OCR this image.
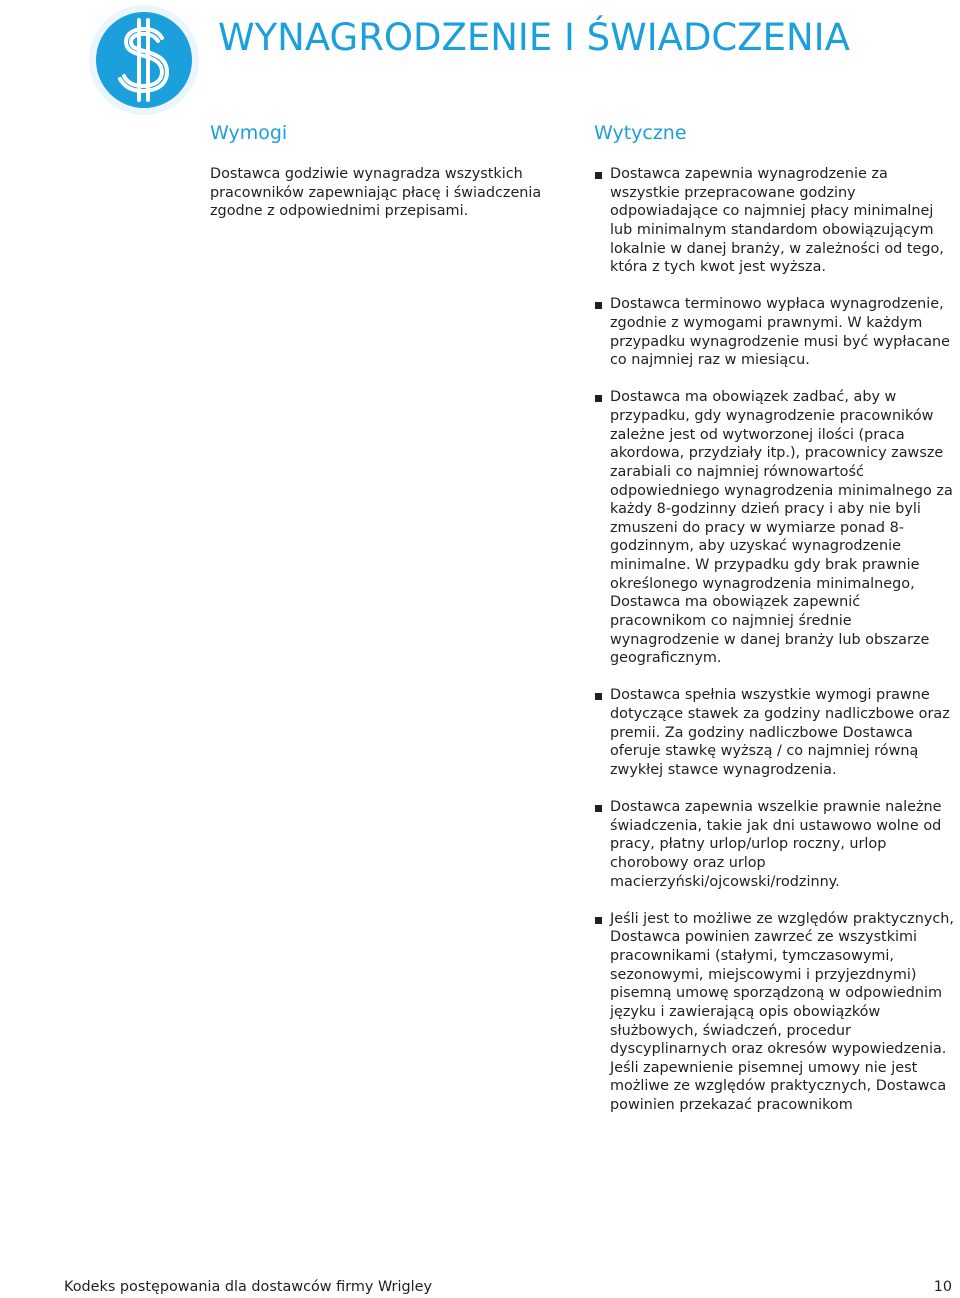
WYNAGRODZENIE I ŚWIADCZENIA
Wymogi

Dostawca godziwie wynagradza wszystkich pracowników zapewniając płacę i świadczenia zgodne z odpowiednimi przepisami.

Wytyczne
Dostawca zapewnia wynagrodzenie za wszystkie przepracowane godziny odpowiadające co najmniej płacy minimalnej lub minimalnym standardom obowiązującym lokalnie w danej branży, w zależności od tego, która z tych kwot jest wyższa.
Dostawca terminowo wypłaca wynagrodzenie, zgodnie z wymogami prawnymi. W każdym przypadku wynagrodzenie musi być wypłacane co najmniej raz w miesiącu.
Dostawca ma obowiązek zadbać, aby w przypadku, gdy wynagrodzenie pracowników zależne jest od wytworzonej ilości (praca akordowa, przydziały itp.), pracownicy zawsze zarabiali co najmniej równowartość odpowiedniego wynagrodzenia minimalnego za każdy 8-godzinny dzień pracy i aby nie byli zmuszeni do pracy w wymiarze ponad 8-godzinnym, aby uzyskać wynagrodzenie minimalne. W przypadku gdy brak prawnie określonego wynagrodzenia minimalnego, Dostawca ma obowiązek zapewnić pracownikom co najmniej średnie wynagrodzenie w danej branży lub obszarze geograficznym.
Dostawca spełnia wszystkie wymogi prawne dotyczące stawek za godziny nadliczbowe oraz premii. Za godziny nadliczbowe Dostawca oferuje stawkę wyższą / co najmniej równą zwykłej stawce wynagrodzenia.
Dostawca zapewnia wszelkie prawnie należne świadczenia, takie jak dni ustawowo wolne od pracy, płatny urlop/urlop roczny, urlop chorobowy oraz urlop macierzyński/ojcowski/rodzinny.
Jeśli jest to możliwe ze względów praktycznych, Dostawca powinien zawrzeć ze wszystkimi pracownikami (stałymi, tymczasowymi, sezonowymi, miejscowymi i przyjezdnymi) pisemną umowę sporządzoną w odpowiednim języku i zawierającą opis obowiązków służbowych, świadczeń, procedur dyscyplinarnych oraz okresów wypowiedzenia. Jeśli zapewnienie pisemnej umowy nie jest możliwe ze względów praktycznych, Dostawca powinien przekazać pracownikom

Kodeks postępowania dla dostawców firmy Wrigley	10
